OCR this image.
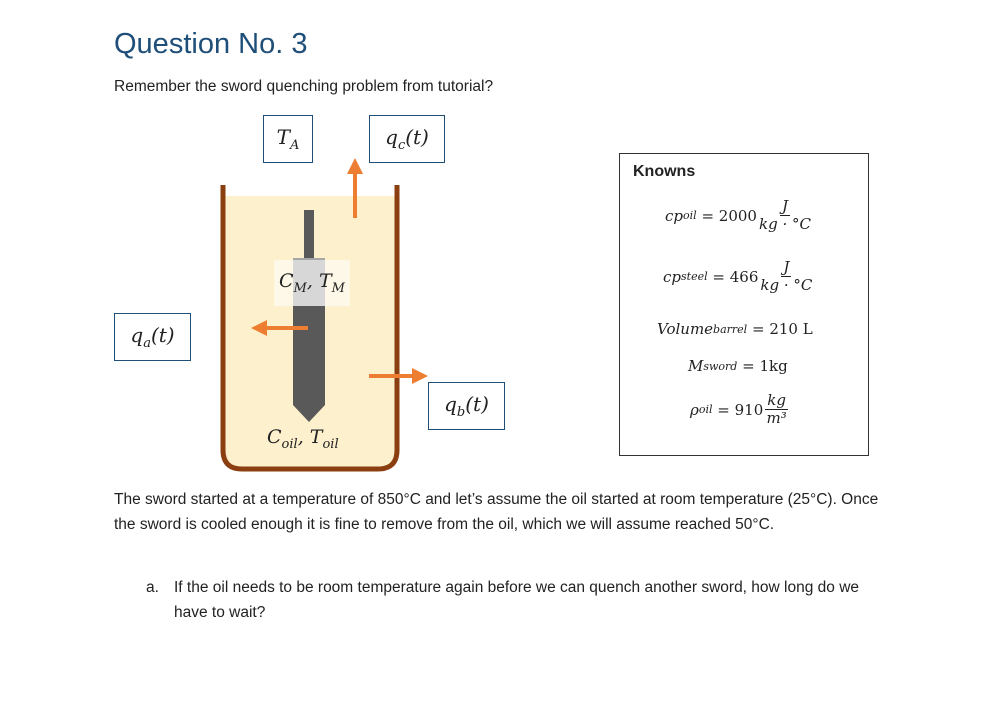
Question No. 3
Remember the sword quenching problem from tutorial?
$T_A$	$q_c(t)$
$q_a(t)$
$q_b(t)$
$C_M$, $T_M$
$C_{oil}$, $T_{oil}$
Knowns
cp oil
= $2000 \frac{J}{kg \cdot ^\circ C}$
cp steel
= $466 \frac{J}{kg \cdot ^\circ C}$
Volume barrel
= 210 L
M sword
= 1kg
ρ oil
= $910 \frac{kg}{\text{m³}}$
The sword started at a temperature of 850°C and let’s assume the oil started at room temperature (25°C). Once the sword is cooled enough it is fine to remove from the oil, which we will assume reached 50°C.
a. If the oil needs to be room temperature again before we can quench another sword, how long do we have to wait?
